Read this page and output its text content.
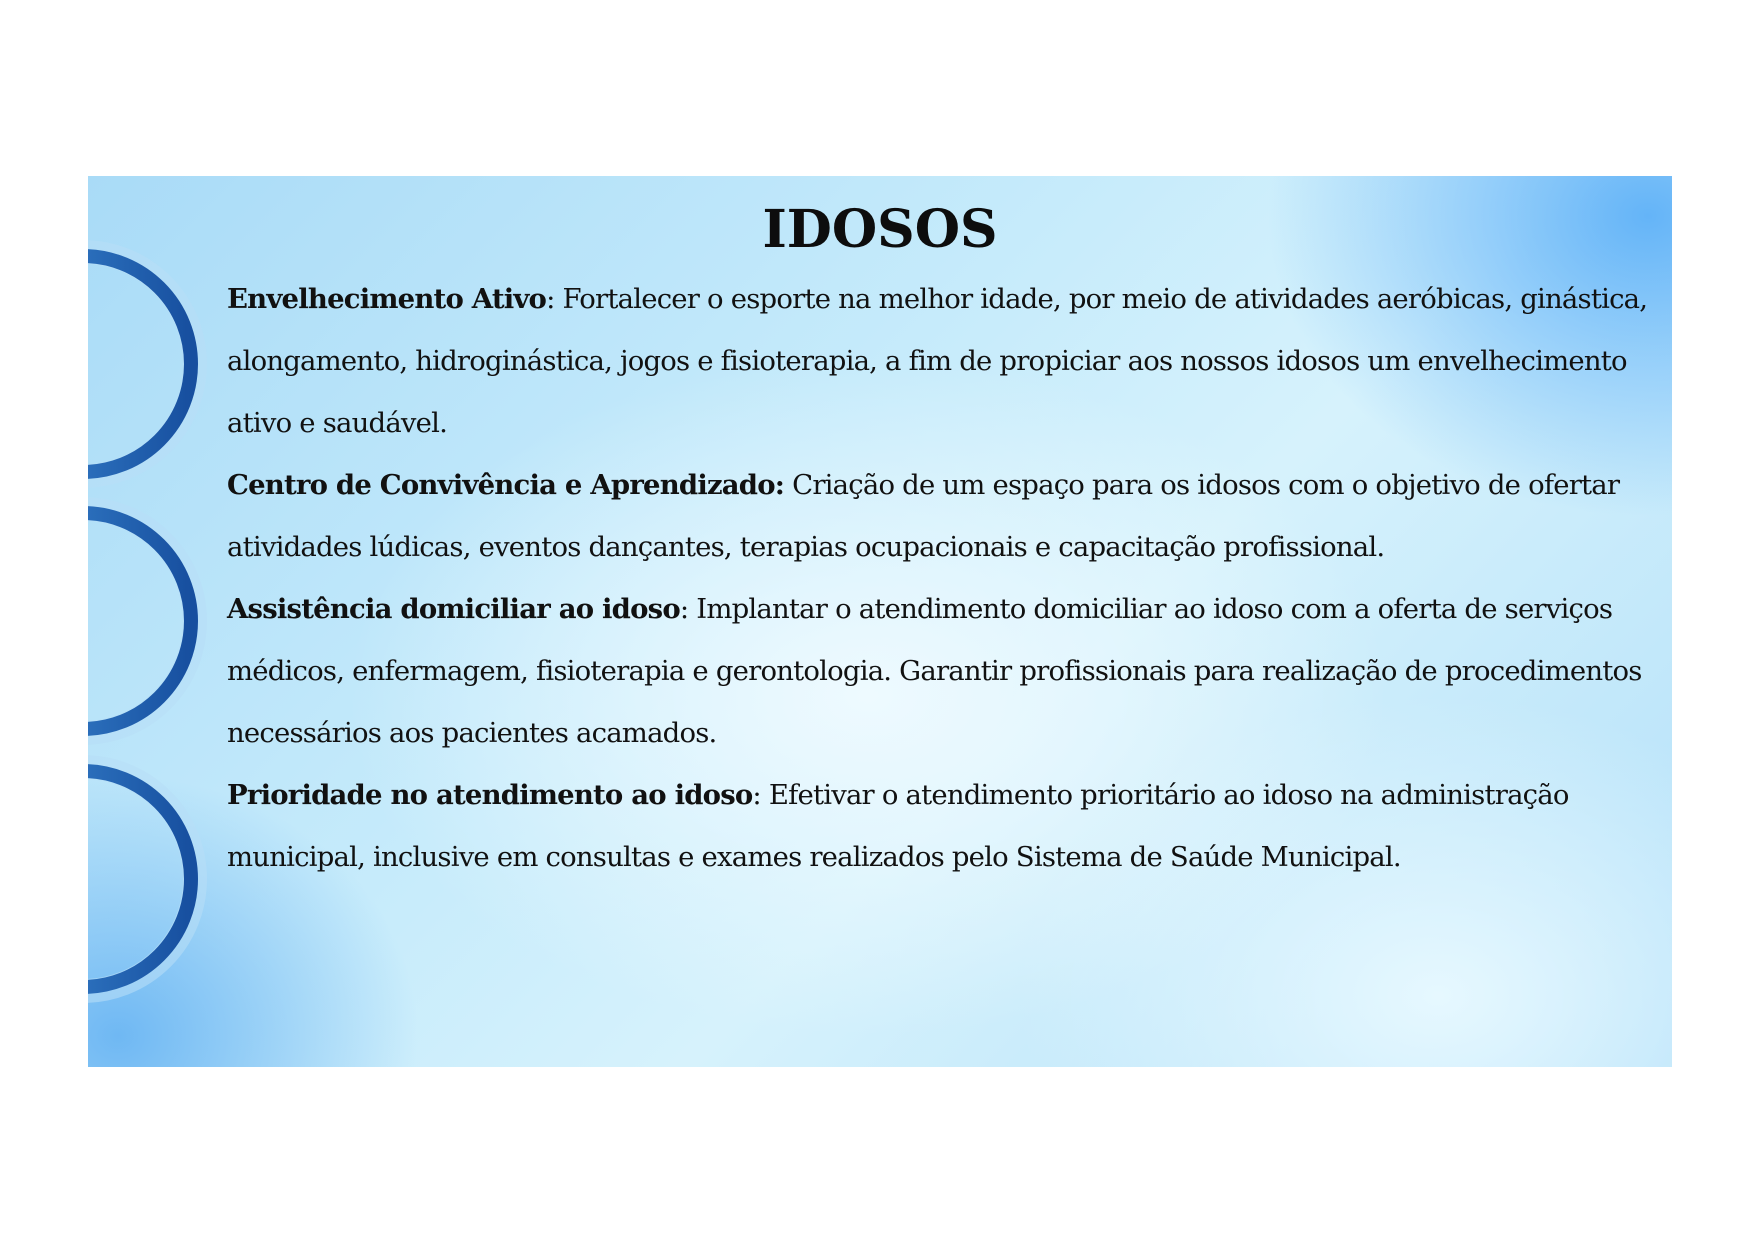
IDOSOS

Envelhecimento Ativo: Fortalecer o esporte na melhor idade, por meio de atividades aeróbicas, ginástica, alongamento, hidroginástica, jogos e fisioterapia, a fim de propiciar aos nossos idosos um envelhecimento ativo e saudável.

Centro de Convivência e Aprendizado: Criação de um espaço para os idosos com o objetivo de ofertar atividades lúdicas, eventos dançantes, terapias ocupacionais e capacitação profissional.

Assistência domiciliar ao idoso: Implantar o atendimento domiciliar ao idoso com a oferta de serviços médicos, enfermagem, fisioterapia e gerontologia. Garantir profissionais para realização de procedimentos necessários aos pacientes acamados.

Prioridade no atendimento ao idoso: Efetivar o atendimento prioritário ao idoso na administração municipal, inclusive em consultas e exames realizados pelo Sistema de Saúde Municipal.
